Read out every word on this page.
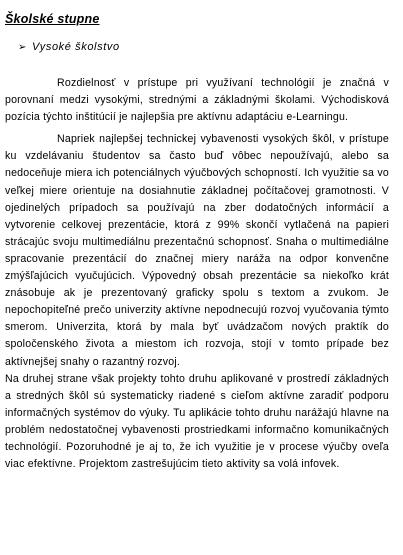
Školské stupne
➢ Vysoké školstvo

Rozdielnosť v prístupe pri využívaní technológií je značná v porovnaní medzi vysokými, strednými a základnými školami. Východisková pozícia týchto inštitúcií je najlepšia pre aktívnu adaptáciu e-Learningu.

Napriek najlepšej technickej vybavenosti vysokých škôl, v prístupe ku vzdelávaniu študentov sa často buď vôbec nepoužívajú, alebo sa nedoceňuje miera ich potenciálnych výučbových schopností. Ich využitie sa vo veľkej miere orientuje na dosiahnutie základnej počítačovej gramotnosti. V ojedinelých prípadoch sa používajú na zber dodatočných informácií a vytvorenie celkovej prezentácie, ktorá z 99% skončí vytlačená na papieri strácajúc svoju multimediálnu prezentačnú schopnosť. Snaha o multimediálne spracovanie prezentácií do značnej miery naráža na odpor konvenčne zmýšľajúcich vyučujúcich. Výpovedný obsah prezentácie sa niekoľko krát znásobuje ak je prezentovaný graficky spolu s textom a zvukom. Je nepochopiteľné prečo univerzity aktívne nepodnecujú rozvoj vyučovania týmto smerom. Univerzita, ktorá by mala byť uvádzačom nových praktík do spoločenského života a miestom ich rozvoja, stojí v tomto prípade bez aktívnejšej snahy o razantný rozvoj.

Na druhej strane však projekty tohto druhu aplikované v prostredí základných a stredných škôl sú systematicky riadené s cieľom aktívne zaradiť podporu informačných systémov do výuky. Tu aplikácie tohto druhu narážajú hlavne na problém nedostatočnej vybavenosti prostriedkami informačno komunikačných technológií. Pozoruhodné je aj to, že ich využitie je v procese výučby oveľa viac efektívne. Projektom zastrešujúcim tieto aktivity sa volá infovek.
